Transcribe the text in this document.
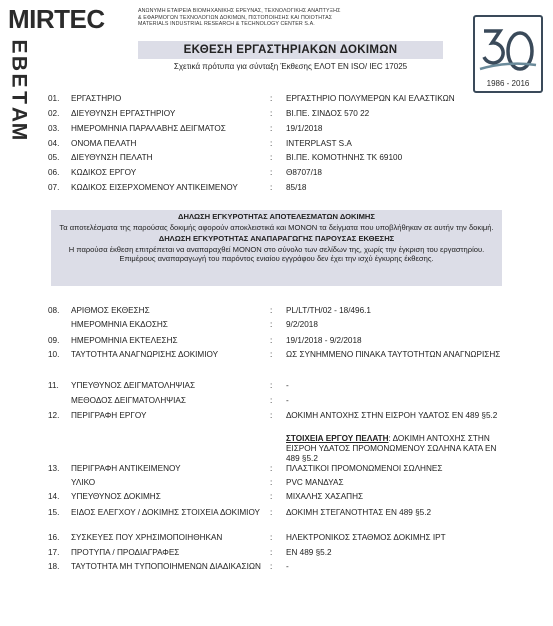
MIRTEC	ΑΝΩΝΥΜΗ ΕΤΑΙΡΕΙΑ ΒΙΟΜΗΧΑΝΙΚΗΣ ΕΡΕΥΝΑΣ, ΤΕΧΝΟΛΟΓΙΚΗΣ ΑΝΑΠΤΥΞΗΣ
& ΕΦΑΡΜΟΓΩΝ ΤΕΧΝΟΛΟΓΙΩΝ ΔΟΚΙΜΩΝ, ΠΙΣΤΟΠΟΙΗΣΗΣ ΚΑΙ ΠΟΙΟΤΗΤΑΣ
MATERIALS INDUSTRIAL RESEARCH & TECHNOLOGY CENTER S.A.
E
B
E
T
A
M
1986 - 2016
ΕΚΘΕΣΗ ΕΡΓΑΣΤΗΡΙΑΚΩΝ ΔΟΚΙΜΩΝ
Σχετικά πρότυπα για σύνταξη Έκθεσης ΕΛΟΤ ΕΝ ISO/ IEC 17025
01.	ΕΡΓΑΣΤΗΡΙΟ	: ΕΡΓΑΣΤΗΡΙΟ ΠΟΛΥΜΕΡΩΝ ΚΑΙ ΕΛΑΣΤΙΚΩΝ
02.	ΔΙΕΥΘΥΝΣΗ ΕΡΓΑΣΤΗΡΙΟΥ	: ΒΙ.ΠΕ. ΣΙΝΔΟΣ 570 22
03.	ΗΜΕΡΟΜΗΝΙΑ ΠΑΡΑΛΑΒΗΣ ΔΕΙΓΜΑΤΟΣ	: 19/1/2018
04.	ΟΝΟΜΑ ΠΕΛΑΤΗ	: INTERPLAST S.A
05.	ΔΙΕΥΘΥΝΣΗ ΠΕΛΑΤΗ	: ΒΙ.ΠΕ. ΚΟΜΟΤΗΝΗΣ ΤΚ 69100
06.	ΚΩΔΙΚΟΣ ΕΡΓΟΥ	: Θ8707/18
07.	ΚΩΔΙΚΟΣ ΕΙΣΕΡΧΟΜΕΝΟΥ ΑΝΤΙΚΕΙΜΕΝΟΥ	: 85/18
ΔΗΛΩΣΗ ΕΓΚΥΡΟΤΗΤΑΣ ΑΠΟΤΕΛΕΣΜΑΤΩΝ ΔΟΚΙΜΗΣ
Τα αποτελέσματα της παρούσας δοκιμής αφορούν αποκλειστικά και ΜΟΝΟΝ τα δείγματα που υποβλήθηκαν σε αυτήν την δοκιμή.
ΔΗΛΩΣΗ ΕΓΚΥΡΟΤΗΤΑΣ ΑΝΑΠΑΡΑΓΩΓΗΣ ΠΑΡΟΥΣΑΣ ΕΚΘΕΣΗΣ
Η παρούσα έκθεση επιτρέπεται να αναπαραχθεί ΜΟΝΟΝ στο σύνολο των σελίδων της, χωρίς την έγκριση του εργαστηρίου. Επιμέρους αναπαραγωγή του παρόντος ενιαίου εγγράφου δεν έχει την ισχύ έγκυρης έκθεσης.
08.	ΑΡΙΘΜΟΣ ΕΚΘΕΣΗΣ	: PL/LT/TH/02 - 18/496.1
ΗΜΕΡΟΜΗΝΙΑ ΕΚΔΟΣΗΣ	: 9/2/2018
09.	ΗΜΕΡΟΜΗΝΙΑ ΕΚΤΕΛΕΣΗΣ	: 19/1/2018 - 9/2/2018
10.	ΤΑΥΤΟΤΗΤΑ ΑΝΑΓΝΩΡΙΣΗΣ ΔΟΚΙΜΙΟΥ	: ΩΣ ΣΥΝΗΜΜΕΝΟ ΠΙΝΑΚΑ ΤΑΥΤΟΤΗΤΩΝ ΑΝΑΓΝΩΡΙΣΗΣ
11.	ΥΠΕΥΘΥΝΟΣ ΔΕΙΓΜΑΤΟΛΗΨΙΑΣ	: -
ΜΕΘΟΔΟΣ ΔΕΙΓΜΑΤΟΛΗΨΙΑΣ	: -
12.	ΠΕΡΙΓΡΑΦΗ ΕΡΓΟΥ	: ΔΟΚΙΜΗ ΑΝΤΟΧΗΣ ΣΤΗΝ ΕΙΣΡΟΗ ΥΔΑΤΟΣ EN 489 §5.2
ΣΤΟΙΧΕΙΑ ΕΡΓΟΥ ΠΕΛΑΤΗ: ΔΟΚΙΜΗ ΑΝΤΟΧΗΣ ΣΤΗΝ ΕΙΣΡΟΗ ΥΔΑΤΟΣ ΠΡΟΜΟΝΩΜΕΝΟΥ ΣΩΛΗΝΑ ΚΑΤΑ ΕΝ 489 §5.2
13.	ΠΕΡΙΓΡΑΦΗ ΑΝΤΙΚΕΙΜΕΝΟΥ	: ΠΛΑΣΤΙΚΟΙ ΠΡΟΜΟΝΩΜΕΝΟΙ ΣΩΛΗΝΕΣ
ΥΛΙΚΟ	: PVC ΜΑΝΔΥΑΣ
14.	ΥΠΕΥΘΥΝΟΣ ΔΟΚΙΜΗΣ	: ΜΙΧΑΛΗΣ ΧΑΣΑΠΗΣ
15.	ΕΙΔΟΣ ΕΛΕΓΧΟΥ / ΔΟΚΙΜΗΣ ΣΤΟΙΧΕΙΑ ΔΟΚΙΜΙΟΥ	: ΔΟΚΙΜΗ ΣΤΕΓΑΝΟΤΗΤΑΣ ΕΝ 489 §5.2
16.	ΣΥΣΚΕΥΕΣ ΠΟΥ ΧΡΗΣΙΜΟΠΟΙΗΘΗΚΑΝ	: ΗΛΕΚΤΡΟΝΙΚΟΣ ΣΤΑΘΜΟΣ ΔΟΚΙΜΗΣ IPT
17.	ΠΡΟΤΥΠΑ / ΠΡΟΔΙΑΓΡΑΦΕΣ	: ΕΝ 489 §5.2
18.	ΤΑΥΤΟΤΗΤΑ ΜΗ ΤΥΠΟΠΟΙΗΜΕΝΩΝ ΔΙΑΔΙΚΑΣΙΩΝ	: -
